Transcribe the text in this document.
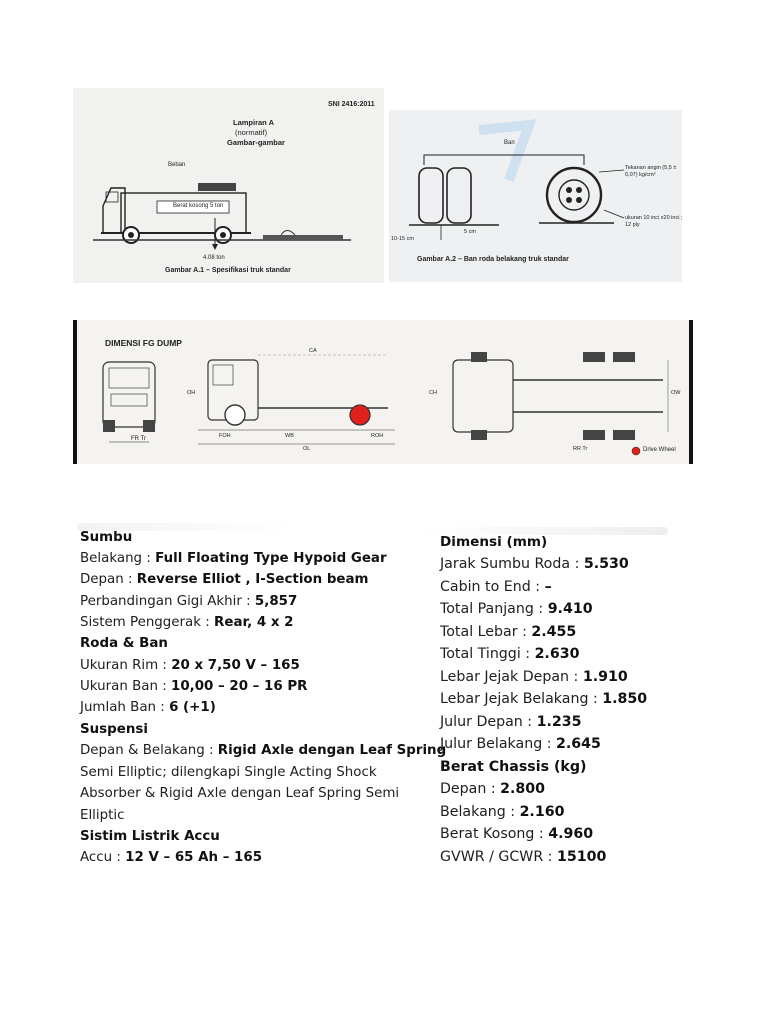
SNI 2416:2011
Lampiran A
(normatif)
Gambar-gambar
Beban
Berat kosong 5 ton
4.08 ton
Gambar A.1 – Spesifikasi truk standar
Ban
Tekanan angin (5,5 ± 0,07) kg/cm²
ukuran 10 inci x20 inci ; 12 ply
5 cm
10-15 cm
Gambar A.2 – Ban roda belakang truk standar
DIMENSI FG DUMP
FR Tr
CA
FOH	WB	ROH
OL
OH	OW
CH
RR Tr	Drive Wheel
Sumbu
Belakang : Full Floating Type Hypoid Gear
Depan : Reverse Elliot , I-Section beam
Perbandingan Gigi Akhir : 5,857
Sistem Penggerak : Rear, 4 x 2
Roda & Ban
Ukuran Rim : 20 x 7,50 V – 165
Ukuran Ban : 10,00 – 20 – 16 PR
Jumlah Ban : 6 (+1)
Suspensi
Depan & Belakang : Rigid Axle dengan Leaf Spring
Semi Elliptic; dilengkapi Single Acting Shock
Absorber & Rigid Axle dengan Leaf Spring Semi
Elliptic
Sistim Listrik Accu
Accu : 12 V – 65 Ah – 165
Dimensi (mm)
Jarak Sumbu Roda : 5.530
Cabin to End : –
Total Panjang : 9.410
Total Lebar : 2.455
Total Tinggi : 2.630
Lebar Jejak Depan : 1.910
Lebar Jejak Belakang : 1.850
Julur Depan : 1.235
Julur Belakang : 2.645
Berat Chassis (kg)
Depan : 2.800
Belakang : 2.160
Berat Kosong : 4.960
GVWR / GCWR : 15100
